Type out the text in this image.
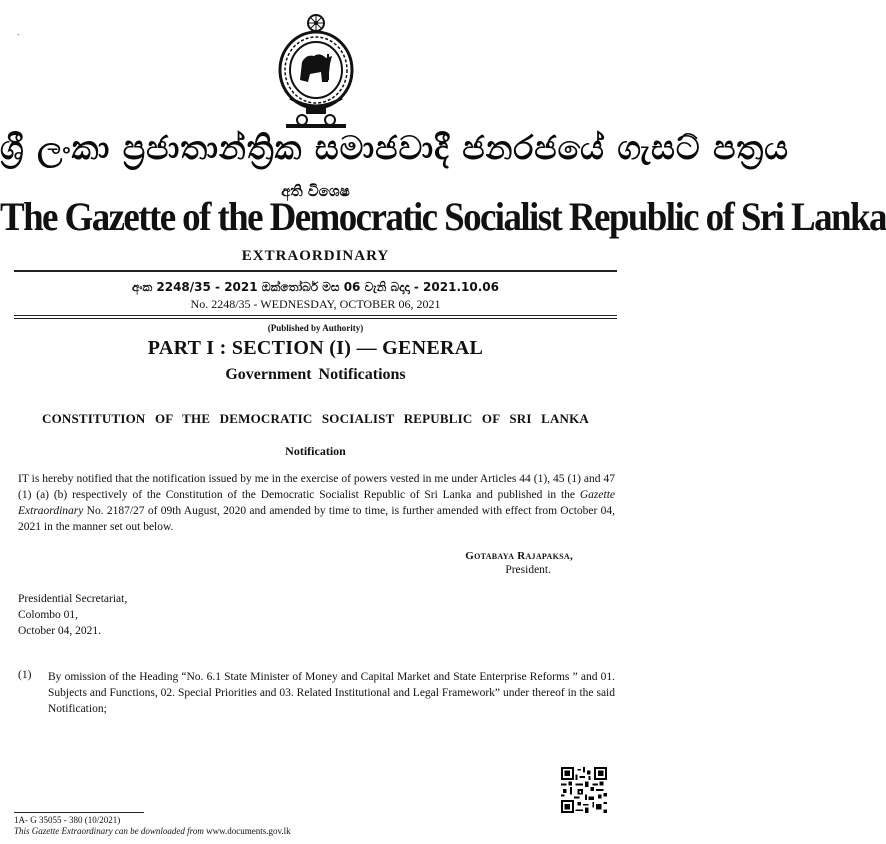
-
ශ්‍රී ලංකා ප්‍රජාතාන්ත්‍රික සමාජවාදී ජනරජයේ ගැසට් පත්‍රය
අති විශෙෂ
The Gazette of the Democratic Socialist Republic of Sri Lanka
EXTRAORDINARY
අංක 2248/35 - 2021 ඔක්තෝබර් මස 06 වැනි බදාදා - 2021.10.06
No. 2248/35 - WEDNESDAY, OCTOBER 06, 2021
(Published by Authority)
PART I : SECTION (I) — GENERAL
Government Notifications
CONSTITUTION OF THE DEMOCRATIC SOCIALIST REPUBLIC OF SRI LANKA
Notification
IT is hereby notified that the notification issued by me in the exercise of powers vested in me under Articles 44 (1), 45 (1) and 47 (1) (a) (b) respectively of the Constitution of the Democratic Socialist Republic of Sri Lanka and published in the Gazette Extraordinary No. 2187/27 of 09th August, 2020 and amended by time to time, is further amended with effect from October 04, 2021 in the manner set out below.
Gotabaya Rajapaksa,
President.
Presidential Secretariat,
Colombo 01,
October 04, 2021.
(1) By omission of the Heading “No. 6.1 State Minister of Money and Capital Market and State Enterprise Reforms ” and 01. Subjects and Functions, 02. Special Priorities and 03. Related Institutional and Legal Framework” under thereof in the said Notification;
1A- G 35055 - 380 (10/2021)
This Gazette Extraordinary can be downloaded from www.documents.gov.lk
